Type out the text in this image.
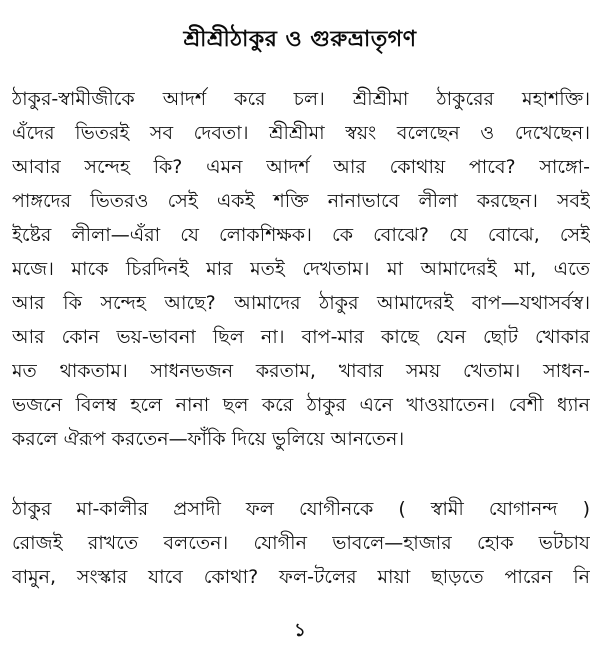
শ্রীশ্রীঠাকুর ও গুরুভ্রাতৃগণ
ঠাকুর-স্বামীজীকে আদর্শ করে চল। শ্রীশ্রীমা ঠাকুরের মহাশক্তি।
এঁদের ভিতরই সব দেবতা। শ্রীশ্রীমা স্বয়ং বলেছেন ও দেখেছেন।
আবার সন্দেহ কি? এমন আদর্শ আর কোথায় পাবে? সাঙ্গো-
পাঙ্গদের ভিতরও সেই একই শক্তি নানাভাবে লীলা করছেন। সবই
ইষ্টের লীলা—এঁরা যে লোকশিক্ষক। কে বোঝে? যে বোঝে, সেই
মজে। মাকে চিরদিনই মার মতই দেখতাম। মা আমাদেরই মা, এতে
আর কি সন্দেহ আছে? আমাদের ঠাকুর আমাদেরই বাপ—যথাসর্বস্ব।
আর কোন ভয়-ভাবনা ছিল না। বাপ-মার কাছে যেন ছোট খোকার
মত থাকতাম। সাধনভজন করতাম, খাবার সময় খেতাম। সাধন-
ভজনে বিলম্ব হলে নানা ছল করে ঠাকুর এনে খাওয়াতেন। বেশী ধ্যান
করলে ঐরূপ করতেন—ফাঁকি দিয়ে ভুলিয়ে আনতেন।
ঠাকুর মা-কালীর প্রসাদী ফল যোগীনকে ( স্বামী যোগানন্দ )
রোজই রাখতে বলতেন। যোগীন ভাবলে—হাজার হোক ভটচায
বামুন, সংস্কার যাবে কোথা? ফল-টলের মায়া ছাড়তে পারেন নি
১
